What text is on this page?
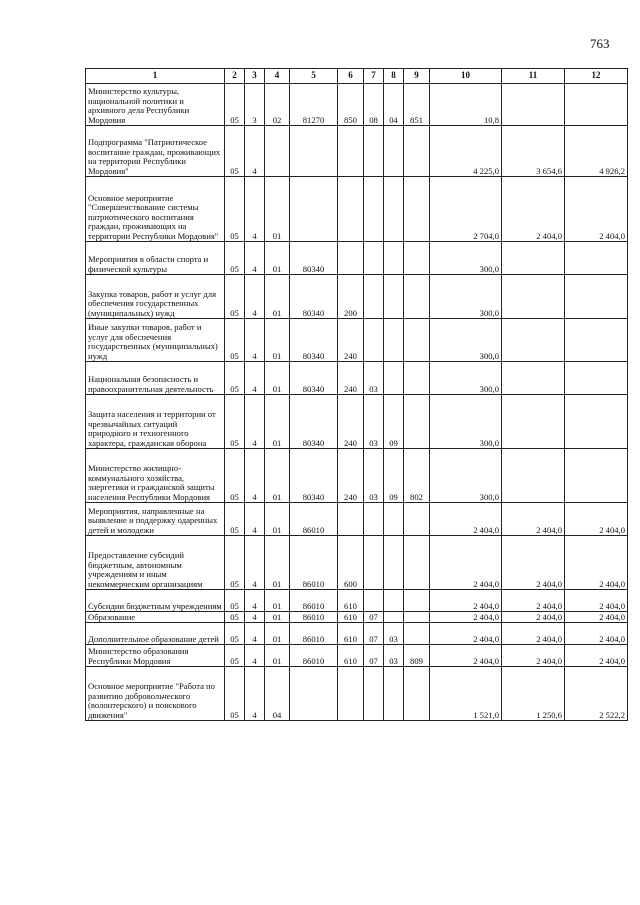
763
1	2	3	4	5	6	7	8	9	10	11	12
Министерство культуры, национальной политики и архивного дела Республики Мордовия	05	3	02	81270	850	08	04	851	10,8		
Подпрограмма "Патриотическое воспитание граждан, проживающих на территории Республики Мордовия"	05	4							4 225,0	3 654,6	4 926,2
Основное мероприятие "Совершенствование системы патриотического воспитания граждан, проживающих на территории Республики Мордовия"	05	4	01						2 704,0	2 404,0	2 404,0
Мероприятия в области спорта и физической культуры	05	4	01	80340					300,0		
Закупка товаров, работ и услуг для обеспечения государственных (муниципальных) нужд	05	4	01	80340	200				300,0		
Иные закупки товаров, работ и услуг для обеспечения государственных (муниципальных) нужд	05	4	01	80340	240				300,0		
Национальная безопасность и правоохранительная деятельность	05	4	01	80340	240	03			300,0		
Защита населения и территории от чрезвычайных ситуаций природного и техногенного характера, гражданская оборона	05	4	01	80340	240	03	09		300,0		
Министерство жилищно-коммунального хозяйства, энергетики и гражданской защиты населения Республики Мордовия	05	4	01	80340	240	03	09	802	300,0		
Мероприятия, направленные на выявление и поддержку одаренных детей и молодежи	05	4	01	86010					2 404,0	2 404,0	2 404,0
Предоставление субсидий бюджетным, автономным учреждениям и иным некоммерческим организациям	05	4	01	86010	600				2 404,0	2 404,0	2 404,0
Субсидии бюджетным учреждениям	05	4	01	86010	610				2 404,0	2 404,0	2 404,0
Образование	05	4	01	86010	610	07			2 404,0	2 404,0	2 404,0
Дополнительное образование детей	05	4	01	86010	610	07	03		2 404,0	2 404,0	2 404,0
Министерство образования Республики Мордовия	05	4	01	86010	610	07	03	809	2 404,0	2 404,0	2 404,0
Основное мероприятие "Работа по развитию добровольческого (волонтерского) и поискового движения"	05	4	04						1 521,0	1 250,6	2 522,2
